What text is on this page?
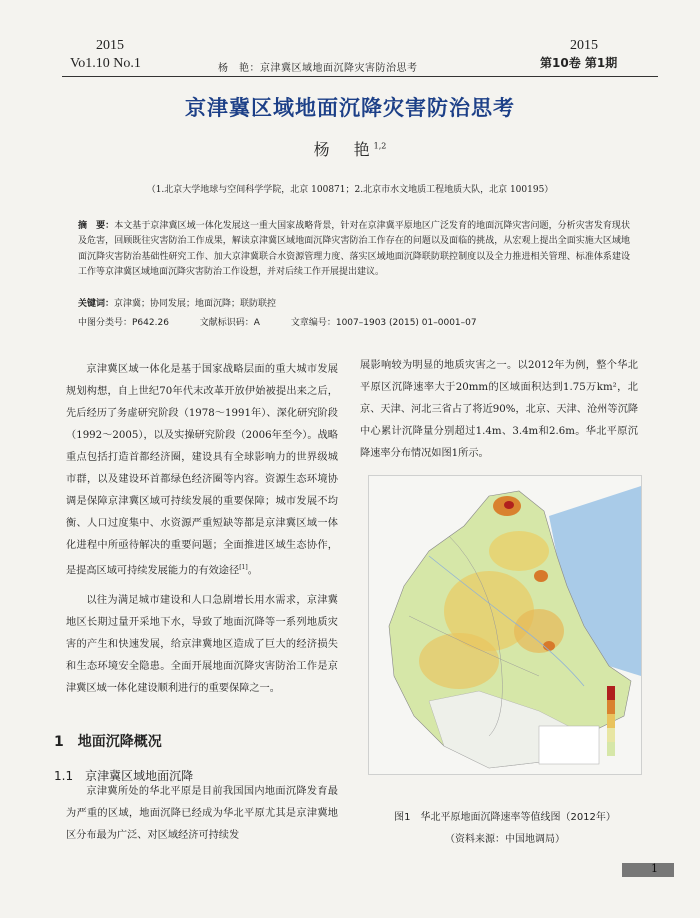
2015
Vo1.10 No.1	杨　艳：京津冀区域地面沉降灾害防治思考
2015
第10卷 第1期
京津冀区域地面沉降灾害防治思考
杨　艳$^{1,2}$
（1.北京大学地球与空间科学学院，北京 100871；2.北京市水文地质工程地质大队，北京 100195）
摘　要：本文基于京津冀区域一体化发展这一重大国家战略背景，针对在京津冀平原地区广泛发育的地面沉降灾害问题，分析灾害发育现状及危害，回顾既往灾害防治工作成果，解读京津冀区域地面沉降灾害防治工作存在的问题以及面临的挑战，从宏观上提出全面实施大区域地面沉降灾害防治基础性研究工作、加大京津冀联合水资源管理力度、落实区域地面沉降联防联控制度以及全力推进相关管理、标准体系建设工作等京津冀区域地面沉降灾害防治工作设想，并对后续工作开展提出建议。
关键词：京津冀；协同发展；地面沉降；联防联控
中图分类号：P642.26	文献标识码：A	文章编号：1007–1903 (2015) 01–0001–07

京津冀区域一体化是基于国家战略层面的重大城市发展规划构想，自上世纪70年代末改革开放伊始被提出来之后，先后经历了务虚研究阶段（1978～1991年）、深化研究阶段（1992～2005），以及实操研究阶段（2006年至今）。战略重点包括打造首都经济圈，建设具有全球影响力的世界级城市群，以及建设环首都绿色经济圈等内容。资源生态环境协调是保障京津冀区域可持续发展的重要保障；城市发展不均衡、人口过度集中、水资源严重短缺等都是京津冀区域一体化进程中所亟待解决的重要问题；全面推进区域生态协作，是提高区域可持续发展能力的有效途径[1]。

以往为满足城市建设和人口急剧增长用水需求，京津冀地区长期过量开采地下水，导致了地面沉降等一系列地质灾害的产生和快速发展，给京津冀地区造成了巨大的经济损失和生态环境安全隐患。全面开展地面沉降灾害防治工作是京津冀区域一体化建设顺利进行的重要保障之一。

1　地面沉降概况
1.1　京津冀区域地面沉降

京津冀所处的华北平原是目前我国国内地面沉降发育最为严重的区域，地面沉降已经成为华北平原尤其是京津冀地区分布最为广泛、对区域经济可持续发

展影响较为明显的地质灾害之一。以2012年为例，整个华北平原区沉降速率大于20mm的区域面积达到1.75万km²，北京、天津、河北三省占了将近90%，北京、天津、沧州等沉降中心累计沉降量分别超过1.4m、3.4m和2.6m。华北平原沉降速率分布情况如图1所示。

图1　华北平原地面沉降速率等值线图（2012年）
（资料来源：中国地调局）
1
